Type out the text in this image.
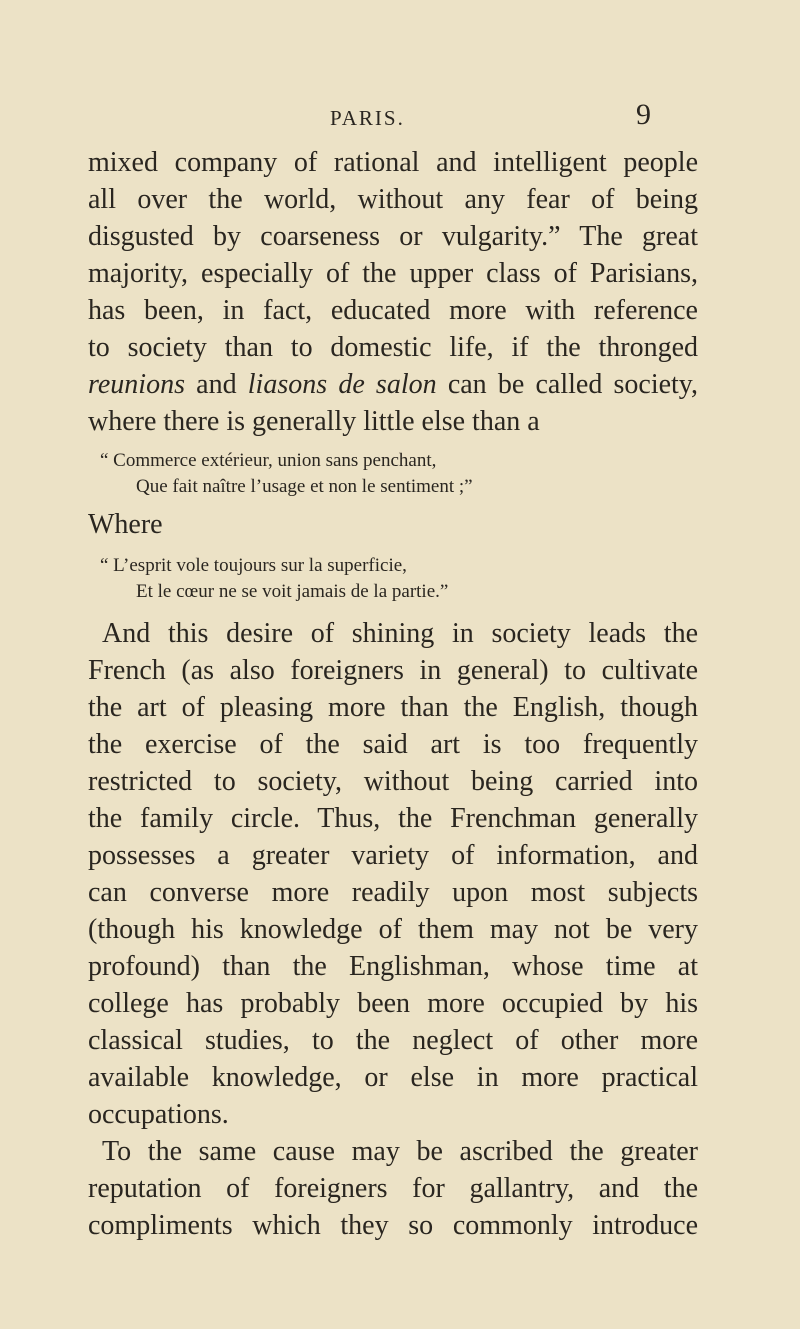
PARIS.	9
mixed company of rational and intelligent people
all over the world, without any fear of being
disgusted by coarseness or vulgarity.” The great
majority, especially of the upper class of Parisians,
has been, in fact, educated more with reference
to society than to domestic life, if the thronged
reunions and liasons de salon can be called society,
where there is generally little else than a
“ Commerce extérieur, union sans penchant,
Que fait naître l’usage et non le sentiment ;”
Where
“ L’esprit vole toujours sur la superficie,
Et le cœur ne se voit jamais de la partie.”
And this desire of shining in society leads the
French (as also foreigners in general) to cultivate
the art of pleasing more than the English, though
the exercise of the said art is too frequently
restricted to society, without being carried into
the family circle. Thus, the Frenchman generally
possesses a greater variety of information, and
can converse more readily upon most subjects
(though his knowledge of them may not be very
profound) than the Englishman, whose time at
college has probably been more occupied by his
classical studies, to the neglect of other more
available knowledge, or else in more practical
occupations.
To the same cause may be ascribed the greater
reputation of foreigners for gallantry, and the
compliments which they so commonly introduce
